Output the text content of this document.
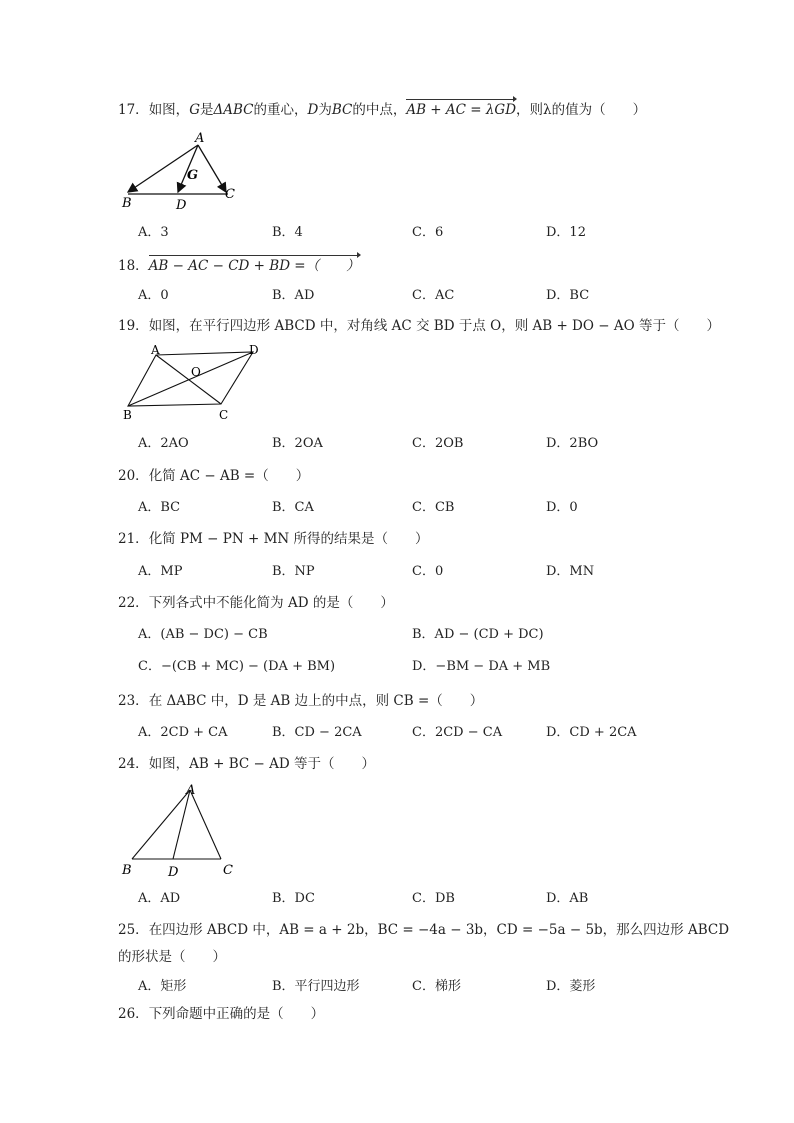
17．如图，G是ΔABC的重心，D为BC的中点，AB + AC = λGD，则λ的值为（　　）
A
B
C
D
G
A．3	B．4	C．6	D．12
18．AB − AC − CD + BD =（　　）
A．0	B．AD	C．AC	D．BC
19．如图，在平行四边形 ABCD 中，对角线 AC 交 BD 于点 O，则 AB + DO − AO 等于（　　）
A	D
B	C
O
A．2AO	B．2OA	C．2OB	D．2BO
20．化简 AC − AB =（　　）
A．BC	B．CA	C．CB	D．0
21．化简 PM − PN + MN 所得的结果是（　　）
A．MP	B．NP	C．0	D．MN
22．下列各式中不能化简为 AD 的是（　　）
A．(AB − DC) − CB	B．AD − (CD + DC)
C．−(CB + MC) − (DA + BM)	D．−BM − DA + MB
23．在 ΔABC 中，D 是 AB 边上的中点，则 CB =（　　）
A．2CD + CA	B．CD − 2CA	C．2CD − CA	D．CD + 2CA
24．如图，AB + BC − AD 等于（　　）
A
B	D	C
A．AD	B．DC	C．DB	D．AB
25．在四边形 ABCD 中，AB = a + 2b，BC = −4a − 3b，CD = −5a − 5b，那么四边形 ABCD
的形状是（　　）
A．矩形	B．平行四边形	C．梯形	D．菱形
26．下列命题中正确的是（　　）
